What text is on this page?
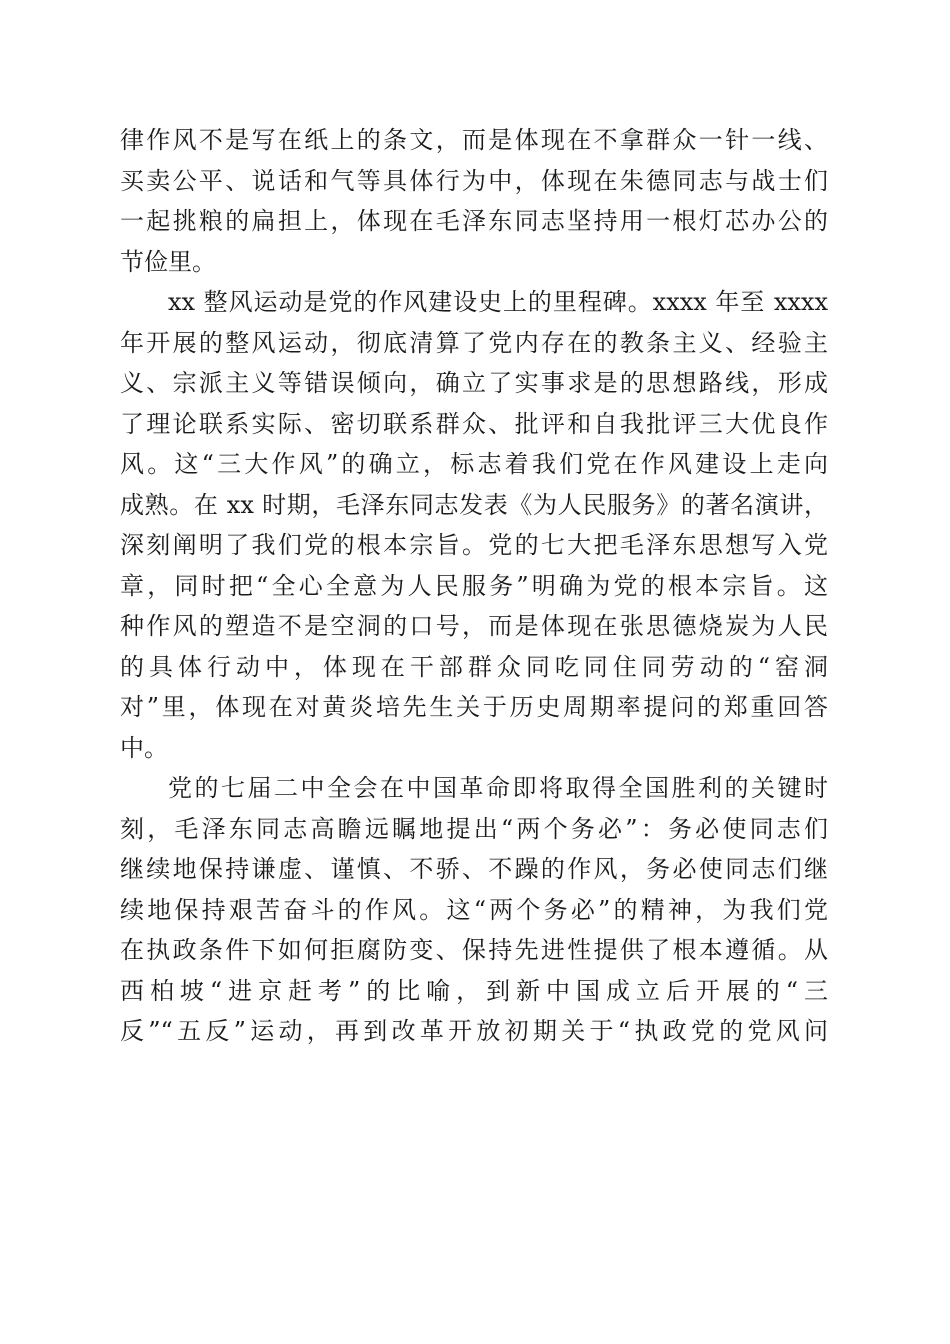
律作风不是写在纸上的条文，而是体现在不拿群众一针一线、
买卖公平、说话和气等具体行为中，体现在朱德同志与战士们
一起挑粮的扁担上，体现在毛泽东同志坚持用一根灯芯办公的
节俭里。
xx 整风运动是党的作风建设史上的里程碑。xxxx 年至 xxxx
年开展的整风运动，彻底清算了党内存在的教条主义、经验主
义、宗派主义等错误倾向，确立了实事求是的思想路线，形成
了理论联系实际、密切联系群众、批评和自我批评三大优良作
风。这“三大作风”的确立，标志着我们党在作风建设上走向
成熟。在 xx 时期，毛泽东同志发表《为人民服务》的著名演讲，
深刻阐明了我们党的根本宗旨。党的七大把毛泽东思想写入党
章，同时把“全心全意为人民服务”明确为党的根本宗旨。这
种作风的塑造不是空洞的口号，而是体现在张思德烧炭为人民
的具体行动中，体现在干部群众同吃同住同劳动的“窑洞
对”里，体现在对黄炎培先生关于历史周期率提问的郑重回答
中。
党的七届二中全会在中国革命即将取得全国胜利的关键时
刻，毛泽东同志高瞻远瞩地提出“两个务必”：务必使同志们
继续地保持谦虚、谨慎、不骄、不躁的作风，务必使同志们继
续地保持艰苦奋斗的作风。这“两个务必”的精神，为我们党
在执政条件下如何拒腐防变、保持先进性提供了根本遵循。从
西柏坡“进京赶考”的比喻，到新中国成立后开展的“三
反”“五反”运动，再到改革开放初期关于“执政党的党风问
